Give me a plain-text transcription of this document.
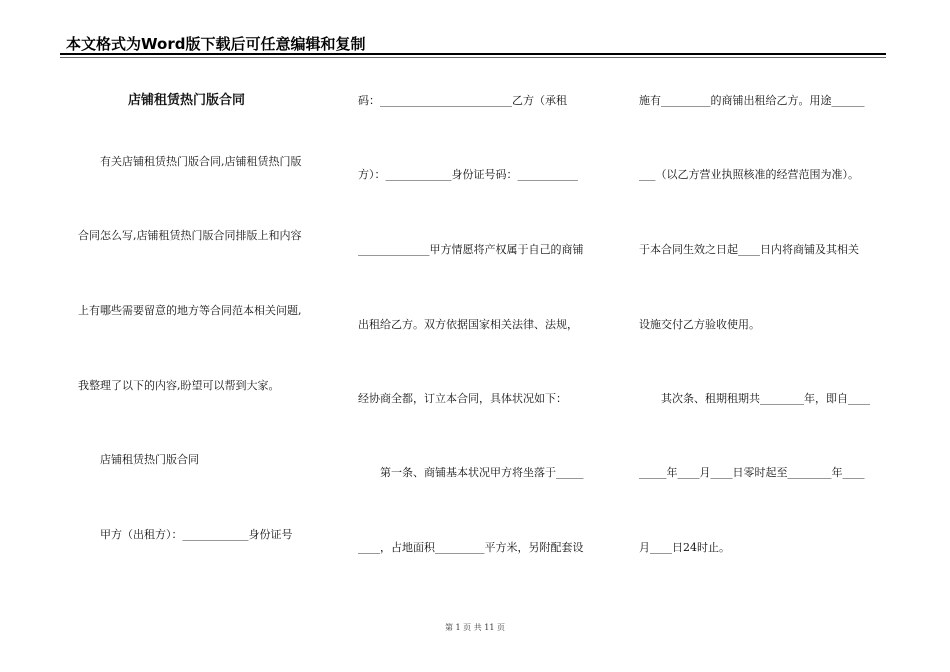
本文格式为Word版下载后可任意编辑和复制
店铺租赁热门版合同
有关店铺租赁热门版合同,店铺租赁热门版
合同怎么写,店铺租赁热门版合同排版上和内容
上有哪些需要留意的地方等合同范本相关问题,
我整理了以下的内容,盼望可以帮到大家。
店铺租赁热门版合同
甲方（出租方）：____________身份证号
码：________________________乙方（承租
方）：____________身份证号码：___________
_____________甲方情愿将产权属于自己的商铺
出租给乙方。双方依据国家相关法律、法规，
经协商全都，订立本合同，具体状况如下：
第一条、商铺基本状况甲方将坐落于_____
____，占地面积_________平方米，另附配套设
施有_________的商铺出租给乙方。用途______
___（以乙方营业执照核准的经营范围为准）。
于本合同生效之日起____日内将商铺及其相关
设施交付乙方验收使用。
其次条、租期租期共________年，即自____
_____年____月____日零时起至________年____
月____日24时止。
第 1 页 共 11 页
